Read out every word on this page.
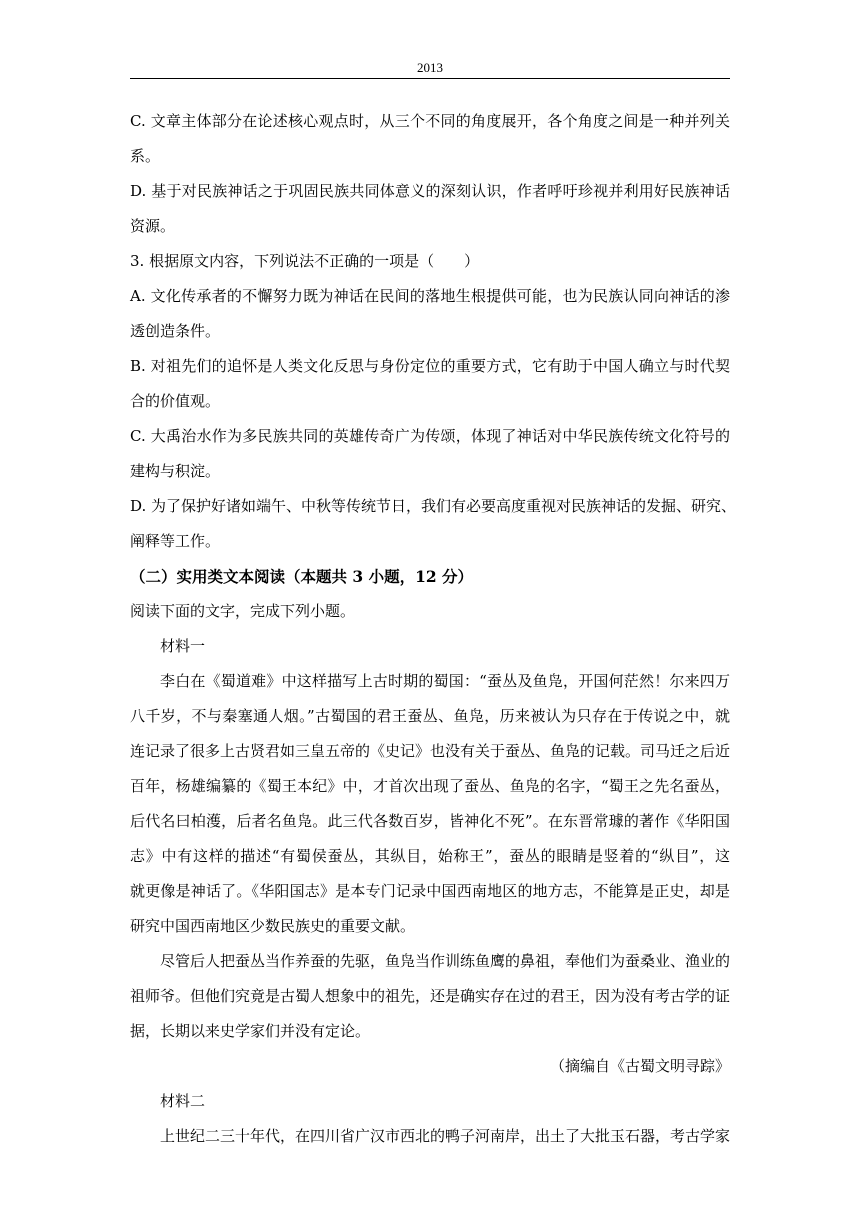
2013
C. 文章主体部分在论述核心观点时，从三个不同的角度展开，各个角度之间是一种并列关
系。
D. 基于对民族神话之于巩固民族共同体意义的深刻认识，作者呼吁珍视并利用好民族神话
资源。
3. 根据原文内容，下列说法不正确的一项是（　　）
A. 文化传承者的不懈努力既为神话在民间的落地生根提供可能，也为民族认同向神话的渗
透创造条件。
B. 对祖先们的追怀是人类文化反思与身份定位的重要方式，它有助于中国人确立与时代契
合的价值观。
C. 大禹治水作为多民族共同的英雄传奇广为传颂，体现了神话对中华民族传统文化符号的
建构与积淀。
D. 为了保护好诸如端午、中秋等传统节日，我们有必要高度重视对民族神话的发掘、研究、
阐释等工作。
（二）实用类文本阅读（本题共 3 小题，12 分）
阅读下面的文字，完成下列小题。
材料一
李白在《蜀道难》中这样描写上古时期的蜀国：“蚕丛及鱼凫，开国何茫然！尔来四万
八千岁，不与秦塞通人烟。”古蜀国的君王蚕丛、鱼凫，历来被认为只存在于传说之中，就
连记录了很多上古贤君如三皇五帝的《史记》也没有关于蚕丛、鱼凫的记载。司马迁之后近
百年，杨雄编纂的《蜀王本纪》中，才首次出现了蚕丛、鱼凫的名字，“蜀王之先名蚕丛，
后代名曰柏濩，后者名鱼凫。此三代各数百岁，皆神化不死”。在东晋常璩的著作《华阳国
志》中有这样的描述“有蜀侯蚕丛，其纵目，始称王”，蚕丛的眼睛是竖着的“纵目”，这
就更像是神话了。《华阳国志》是本专门记录中国西南地区的地方志，不能算是正史，却是
研究中国西南地区少数民族史的重要文献。
尽管后人把蚕丛当作养蚕的先驱，鱼凫当作训练鱼鹰的鼻祖，奉他们为蚕桑业、渔业的
祖师爷。但他们究竟是古蜀人想象中的祖先，还是确实存在过的君王，因为没有考古学的证
据，长期以来史学家们并没有定论。
（摘编自《古蜀文明寻踪》
材料二
上世纪二三十年代，在四川省广汉市西北的鸭子河南岸，出土了大批玉石器，考古学家
